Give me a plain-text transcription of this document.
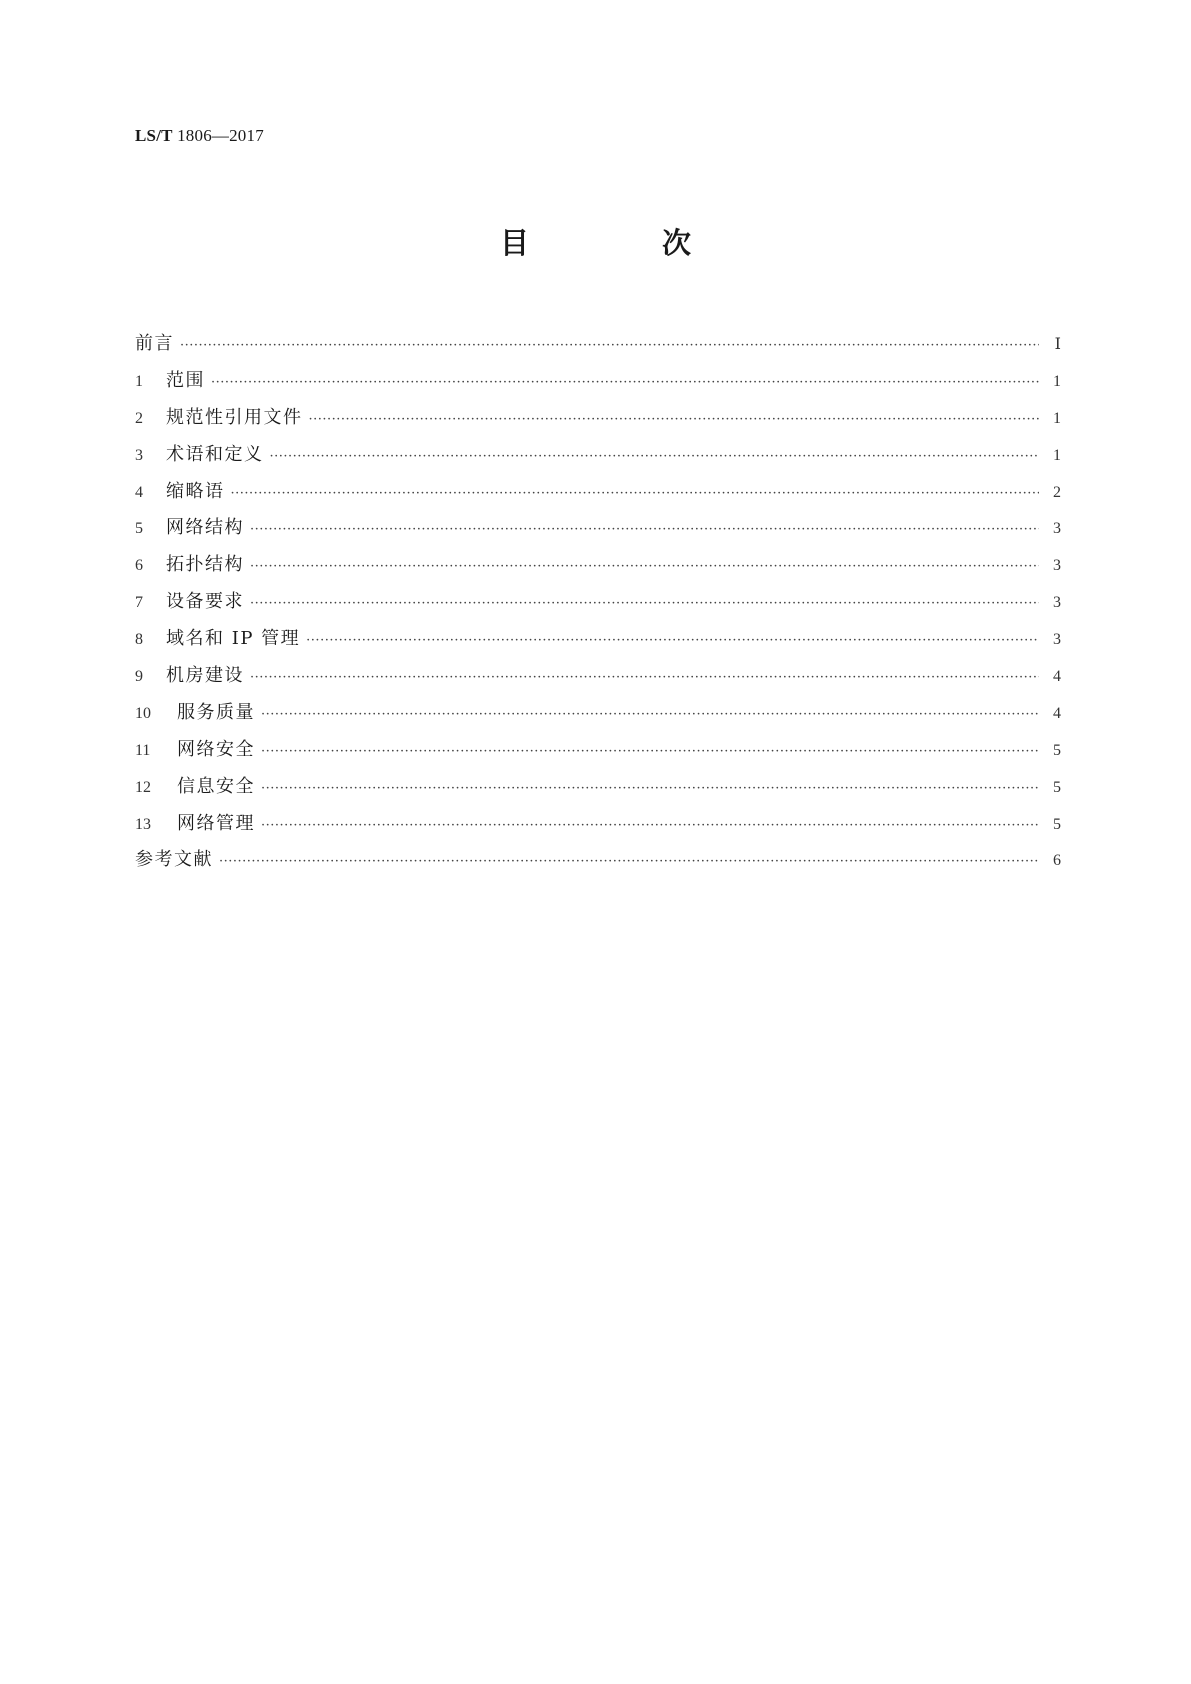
LS/T 1806—2017
目　次
前言 ·····	Ⅰ
1	范围 ·····	1
2	规范性引用文件 ·····	1
3	术语和定义 ·····	1
4	缩略语 ·····	2
5	网络结构 ·····	3
6	拓扑结构 ·····	3
7	设备要求 ·····	3
8	域名和 IP 管理 ·····	3
9	机房建设 ·····	4
10	服务质量 ·····	4
11	网络安全 ·····	5
12	信息安全 ·····	5
13	网络管理 ·····	5
参考文献 ·····	6
